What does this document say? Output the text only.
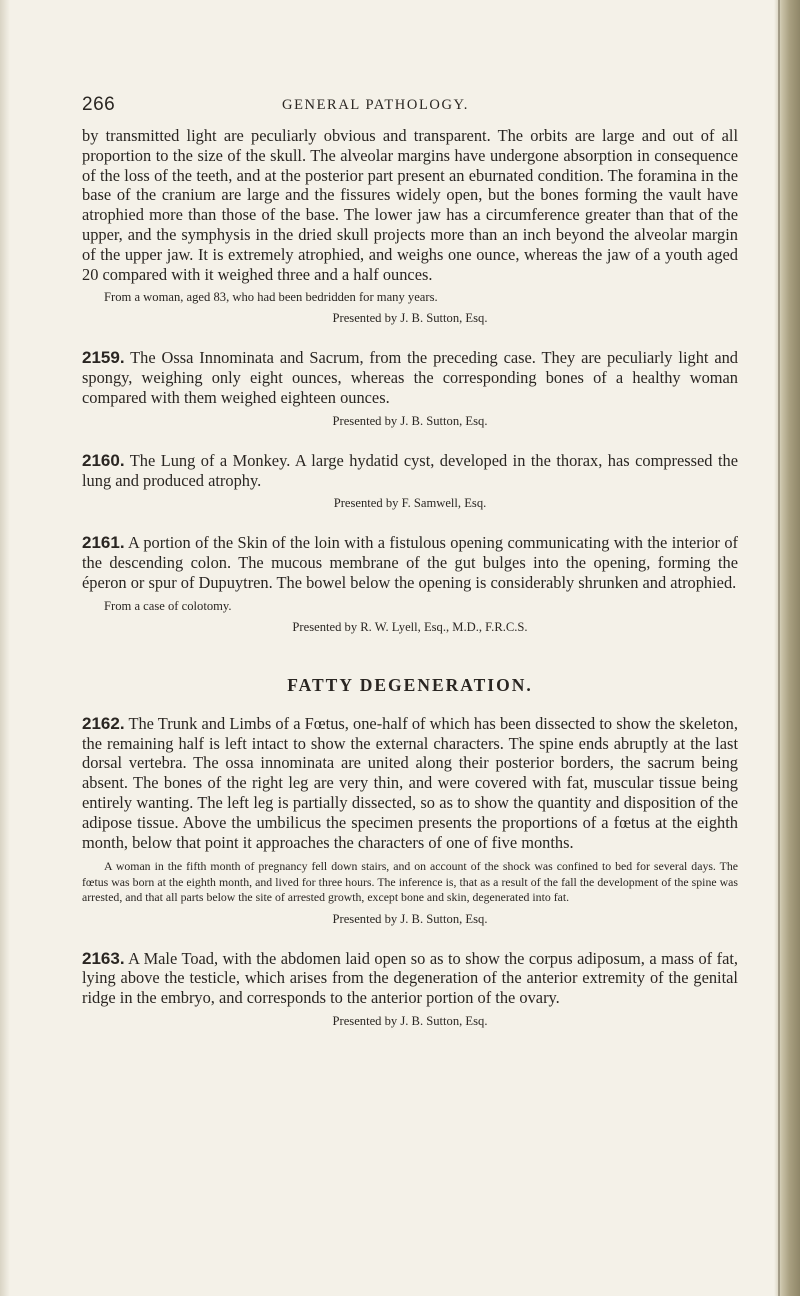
266	GENERAL PATHOLOGY.

by transmitted light are peculiarly obvious and transparent. The orbits are large and out of all proportion to the size of the skull. The alveolar margins have undergone absorption in consequence of the loss of the teeth, and at the posterior part present an eburnated condition. The foramina in the base of the cranium are large and the fissures widely open, but the bones forming the vault have atrophied more than those of the base. The lower jaw has a circumference greater than that of the upper, and the symphysis in the dried skull projects more than an inch beyond the alveolar margin of the upper jaw. It is extremely atrophied, and weighs one ounce, whereas the jaw of a youth aged 20 compared with it weighed three and a half ounces.

From a woman, aged 83, who had been bedridden for many years.

Presented by J. B. Sutton, Esq.

2159. The Ossa Innominata and Sacrum, from the preceding case. They are peculiarly light and spongy, weighing only eight ounces, whereas the corresponding bones of a healthy woman compared with them weighed eighteen ounces.

Presented by J. B. Sutton, Esq.

2160. The Lung of a Monkey. A large hydatid cyst, developed in the thorax, has compressed the lung and produced atrophy.

Presented by F. Samwell, Esq.

2161. A portion of the Skin of the loin with a fistulous opening communicating with the interior of the descending colon. The mucous membrane of the gut bulges into the opening, forming the éperon or spur of Dupuytren. The bowel below the opening is considerably shrunken and atrophied.

From a case of colotomy.

Presented by R. W. Lyell, Esq., M.D., F.R.C.S.

FATTY DEGENERATION.

2162. The Trunk and Limbs of a Fœtus, one-half of which has been dissected to show the skeleton, the remaining half is left intact to show the external characters. The spine ends abruptly at the last dorsal vertebra. The ossa innominata are united along their posterior borders, the sacrum being absent. The bones of the right leg are very thin, and were covered with fat, muscular tissue being entirely wanting. The left leg is partially dissected, so as to show the quantity and disposition of the adipose tissue. Above the umbilicus the specimen presents the proportions of a fœtus at the eighth month, below that point it approaches the characters of one of five months.

A woman in the fifth month of pregnancy fell down stairs, and on account of the shock was confined to bed for several days. The fœtus was born at the eighth month, and lived for three hours. The inference is, that as a result of the fall the development of the spine was arrested, and that all parts below the site of arrested growth, except bone and skin, degenerated into fat.

Presented by J. B. Sutton, Esq.

2163. A Male Toad, with the abdomen laid open so as to show the corpus adiposum, a mass of fat, lying above the testicle, which arises from the degeneration of the anterior extremity of the genital ridge in the embryo, and corresponds to the anterior portion of the ovary.

Presented by J. B. Sutton, Esq.
